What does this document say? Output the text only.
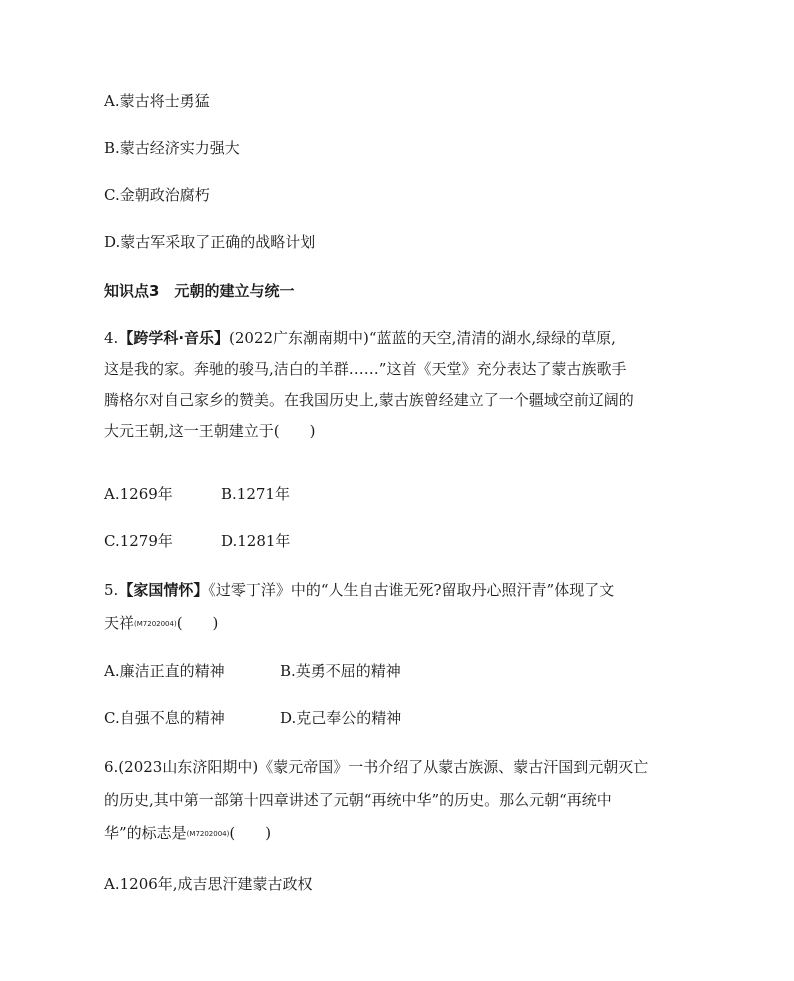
A.蒙古将士勇猛
B.蒙古经济实力强大
C.金朝政治腐朽
D.蒙古军采取了正确的战略计划
知识点3　元朝的建立与统一
4.【跨学科·音乐】(2022广东潮南期中)“蓝蓝的天空,清清的湖水,绿绿的草原,
这是我的家。奔驰的骏马,洁白的羊群……”这首《天堂》充分表达了蒙古族歌手
腾格尔对自己家乡的赞美。在我国历史上,蒙古族曾经建立了一个疆域空前辽阔的
大元王朝,这一王朝建立于(　　)
A.1269年	B.1271年
C.1279年	D.1281年
5.【家国情怀】《过零丁洋》中的“人生自古谁无死?留取丹心照汗青”体现了文
天祥(M7202004)(　　)
A.廉洁正直的精神	B.英勇不屈的精神
C.自强不息的精神	D.克己奉公的精神
6.(2023山东济阳期中)《蒙元帝国》一书介绍了从蒙古族源、蒙古汗国到元朝灭亡
的历史,其中第一部第十四章讲述了元朝“再统中华”的历史。那么元朝“再统中
华”的标志是(M7202004)(　　)
A.1206年,成吉思汗建蒙古政权
